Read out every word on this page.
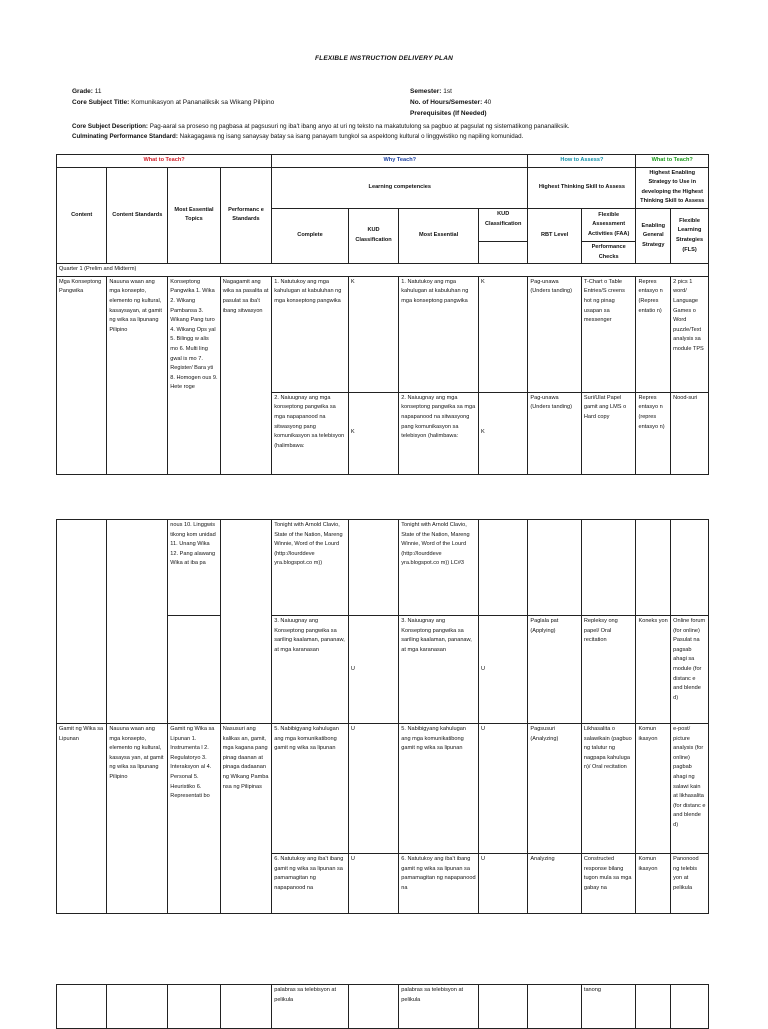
FLEXIBLE INSTRUCTION DELIVERY PLAN
Grade: 11
Core Subject Title: Komunikasyon at Pananaliksik sa Wikang Pilipino
Semester: 1st
No. of Hours/Semester: 40
Prerequisites (If Needed)
Core Subject Description: Pag-aaral sa proseso ng pagbasa at pagsusuri ng iba't ibang anyo at uri ng teksto na makatutulong sa pagbuo at pagsulat ng sistematikong pananaliksik.
Culminating Performance Standard: Nakagagawa ng isang sanaysay batay sa isang panayam tungkol sa aspektong kultural o linggwistiko ng napiling komunidad.
What to Teach?				Why Teach?				How to Assess?		What to Teach?	
Content	Content Standards	Most Essential Topics	Performanc e Standards	Learning competencies				Highest Thinking Skill to Assess		Highest Enabling Strategy to Use in developing the Highest Thinking Skill to Assess	
				Complete	KUD Classification	Most Essential	KUD Classification	RBT Level	Flexible Assessment Activities (FAA)	Enabling General Strategy	Flexible Learning Strategies (FLS)
									Performance Checks		
Quarter 1 (Prelim and Midterm)											
Mga Konseptong Pangwika	Nauuna waan ang mga konsepto, elemento ng kultural, kasaysayan, at gamit ng wika sa lipunang Pilipino	Konseptong Pangwika 1. Wika 2. Wikang Pambansa 3. Wikang Pang turo 4. Wikang Ops yal 5. Bilingg w alis mo 6. Multi ling gwal is mo 7. Register/ Bara yti 8. Homogen ous 9. Hete roge	Nagagamit ang wika sa pasalita at pasulat sa iba't ibang sitwasyon	1. Natutukoy ang mga kahulugan at kabuluhan ng mga konseptong pangwika	K	1. Natutukoy ang mga kahulugan at kabuluhan ng mga konseptong pangwika	K	Pag-unawa (Unders tanding)	T-Chart o Table Entries/S creens hot ng pinag usapan sa messenger	Repres entasyo n (Repres entatio n)	2 pics 1 word/ Language Games o Word puzzle/Text analysis sa module TPS
				2. Naiuugnay ang mga konseptong pangwika sa mga napapanood na sitwasyong pang komunikasyon sa telebisyon (halimbawa:	K	2. Naiuugnay ang mga konseptong pangwika sa mga napapanood na sitwasyong pang komunikasyon sa telebisyon (halimbawa:	K	Pag-unawa (Unders tanding)	Suri/Ulat Papel gamit ang LMS o Hard copy	Repres entasyo n (repres entasyo n)	Nood-suri
		nous 10. Linggwis tikong kom unidad 11. Unang Wika 12. Pang alawang Wika at iba pa		Tonight with Arnold Clavio, State of the Nation, Mareng Winnie, Word of the Lourd (http://lourddeve yra.blogspot.co m))		Tonight with Arnold Clavio, State of the Nation, Mareng Winnie, Word of the Lourd (http://lourddeve yra.blogspot.co m)) LC#3					
				3. Naiuugnay ang Konseptong pangwika sa sariling kaalaman, pananaw, at mga karanasan	U	3. Naiuugnay ang Konseptong pangwika sa sariling kaalaman, pananaw, at mga karanasan	U	Paglala pat (Applying)	Repleksy ong papel/ Oral recitation	Koneks yon	Online forum (for online) Pasulat na pagsab ahagi sa module (for distanc e and blende d)
Gamit ng Wika sa Lipunan	Nauuna waan ang mga konsepto, elemento ng kultural, kasaysa yan, at gamit ng wika sa lipunang Pilipino	Gamit ng Wika sa Lipunan 1. Instrumenta l 2. Regulatoryo 3. Interaksyon al 4. Personal 5. Heuristiko 6. Representati bo	Nasusuri ang kalikas an, gamit, mga kagana pang pinag daanan at pinaga dadaanan ng Wikang Pamba nsa ng Pilipinas	5. Nabibigyang kahulugan ang mga komunikatibong gamit ng wika sa lipunan	U	5. Nabibigyang kahulugan ang mga komunikatibong gamit ng wika sa lipunan	U	Pagsusuri (Analyzing)	Likhasalita o salawikain (pagbuo ng talutur ng nagpapa kahuluga n)/ Oral recitation	Komun ikasyon	e-post/ picture analysis (for online) pagbab ahagi ng salawi kain at likhasalita (for distanc e and blende d)
				6. Natutukoy ang iba't ibang gamit ng wika sa lipunan sa pamamagitan ng napapanood na	U	6. Natutukoy ang iba't ibang gamit ng wika sa lipunan sa pamamagitan ng napapanood na	U	Analyzing	Constructed response bilang tugon mula sa mga gabay na	Komun ikasyon	Panonood ng telebis yon at pelikula
				palabras sa telebisyon at pelikula		palabras sa telebisyon at pelikula			tanong		
